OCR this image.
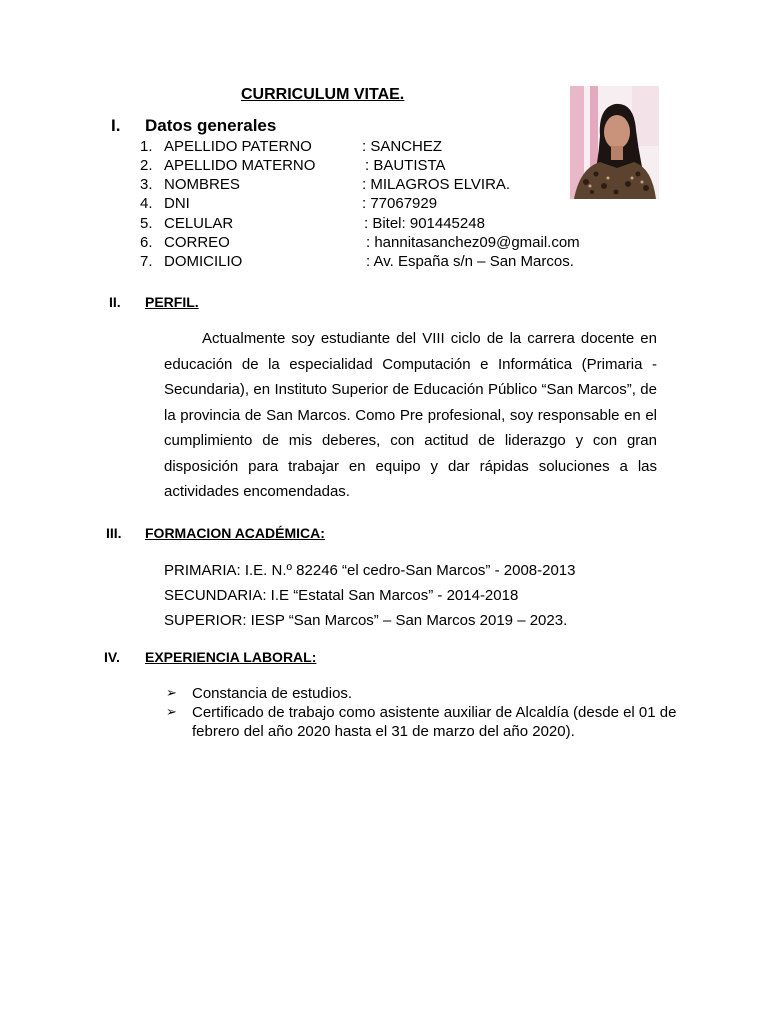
CURRICULUM VITAE.
I. Datos generales
1. APELLIDO PATERNO	: SANCHEZ
2. APELLIDO MATERNO	: BAUTISTA
3. NOMBRES	: MILAGROS ELVIRA.
4. DNI	: 77067929
5. CELULAR	: Bitel: 901445248
6. CORREO	: hannitasanchez09@gmail.com
7. DOMICILIO	: Av. España s/n – San Marcos.
II. PERFIL.
Actualmente soy estudiante del VIII ciclo de la carrera docente en educación de la especialidad Computación e Informática (Primaria - Secundaria), en Instituto Superior de Educación Público “San Marcos”, de la provincia de San Marcos. Como Pre profesional, soy responsable en el cumplimiento de mis deberes, con actitud de liderazgo y con gran disposición para trabajar en equipo y dar rápidas soluciones a las actividades encomendadas.
III. FORMACION ACADÉMICA:
PRIMARIA: I.E. N.º 82246 “el cedro-San Marcos” - 2008-2013
SECUNDARIA: I.E “Estatal San Marcos” - 2014-2018
SUPERIOR: IESP “San Marcos” – San Marcos 2019 – 2023.
IV. EXPERIENCIA LABORAL:
➢ Constancia de estudios.
➢ Certificado de trabajo como asistente auxiliar de Alcaldía (desde el 01 de febrero del año 2020 hasta el 31 de marzo del año 2020).
